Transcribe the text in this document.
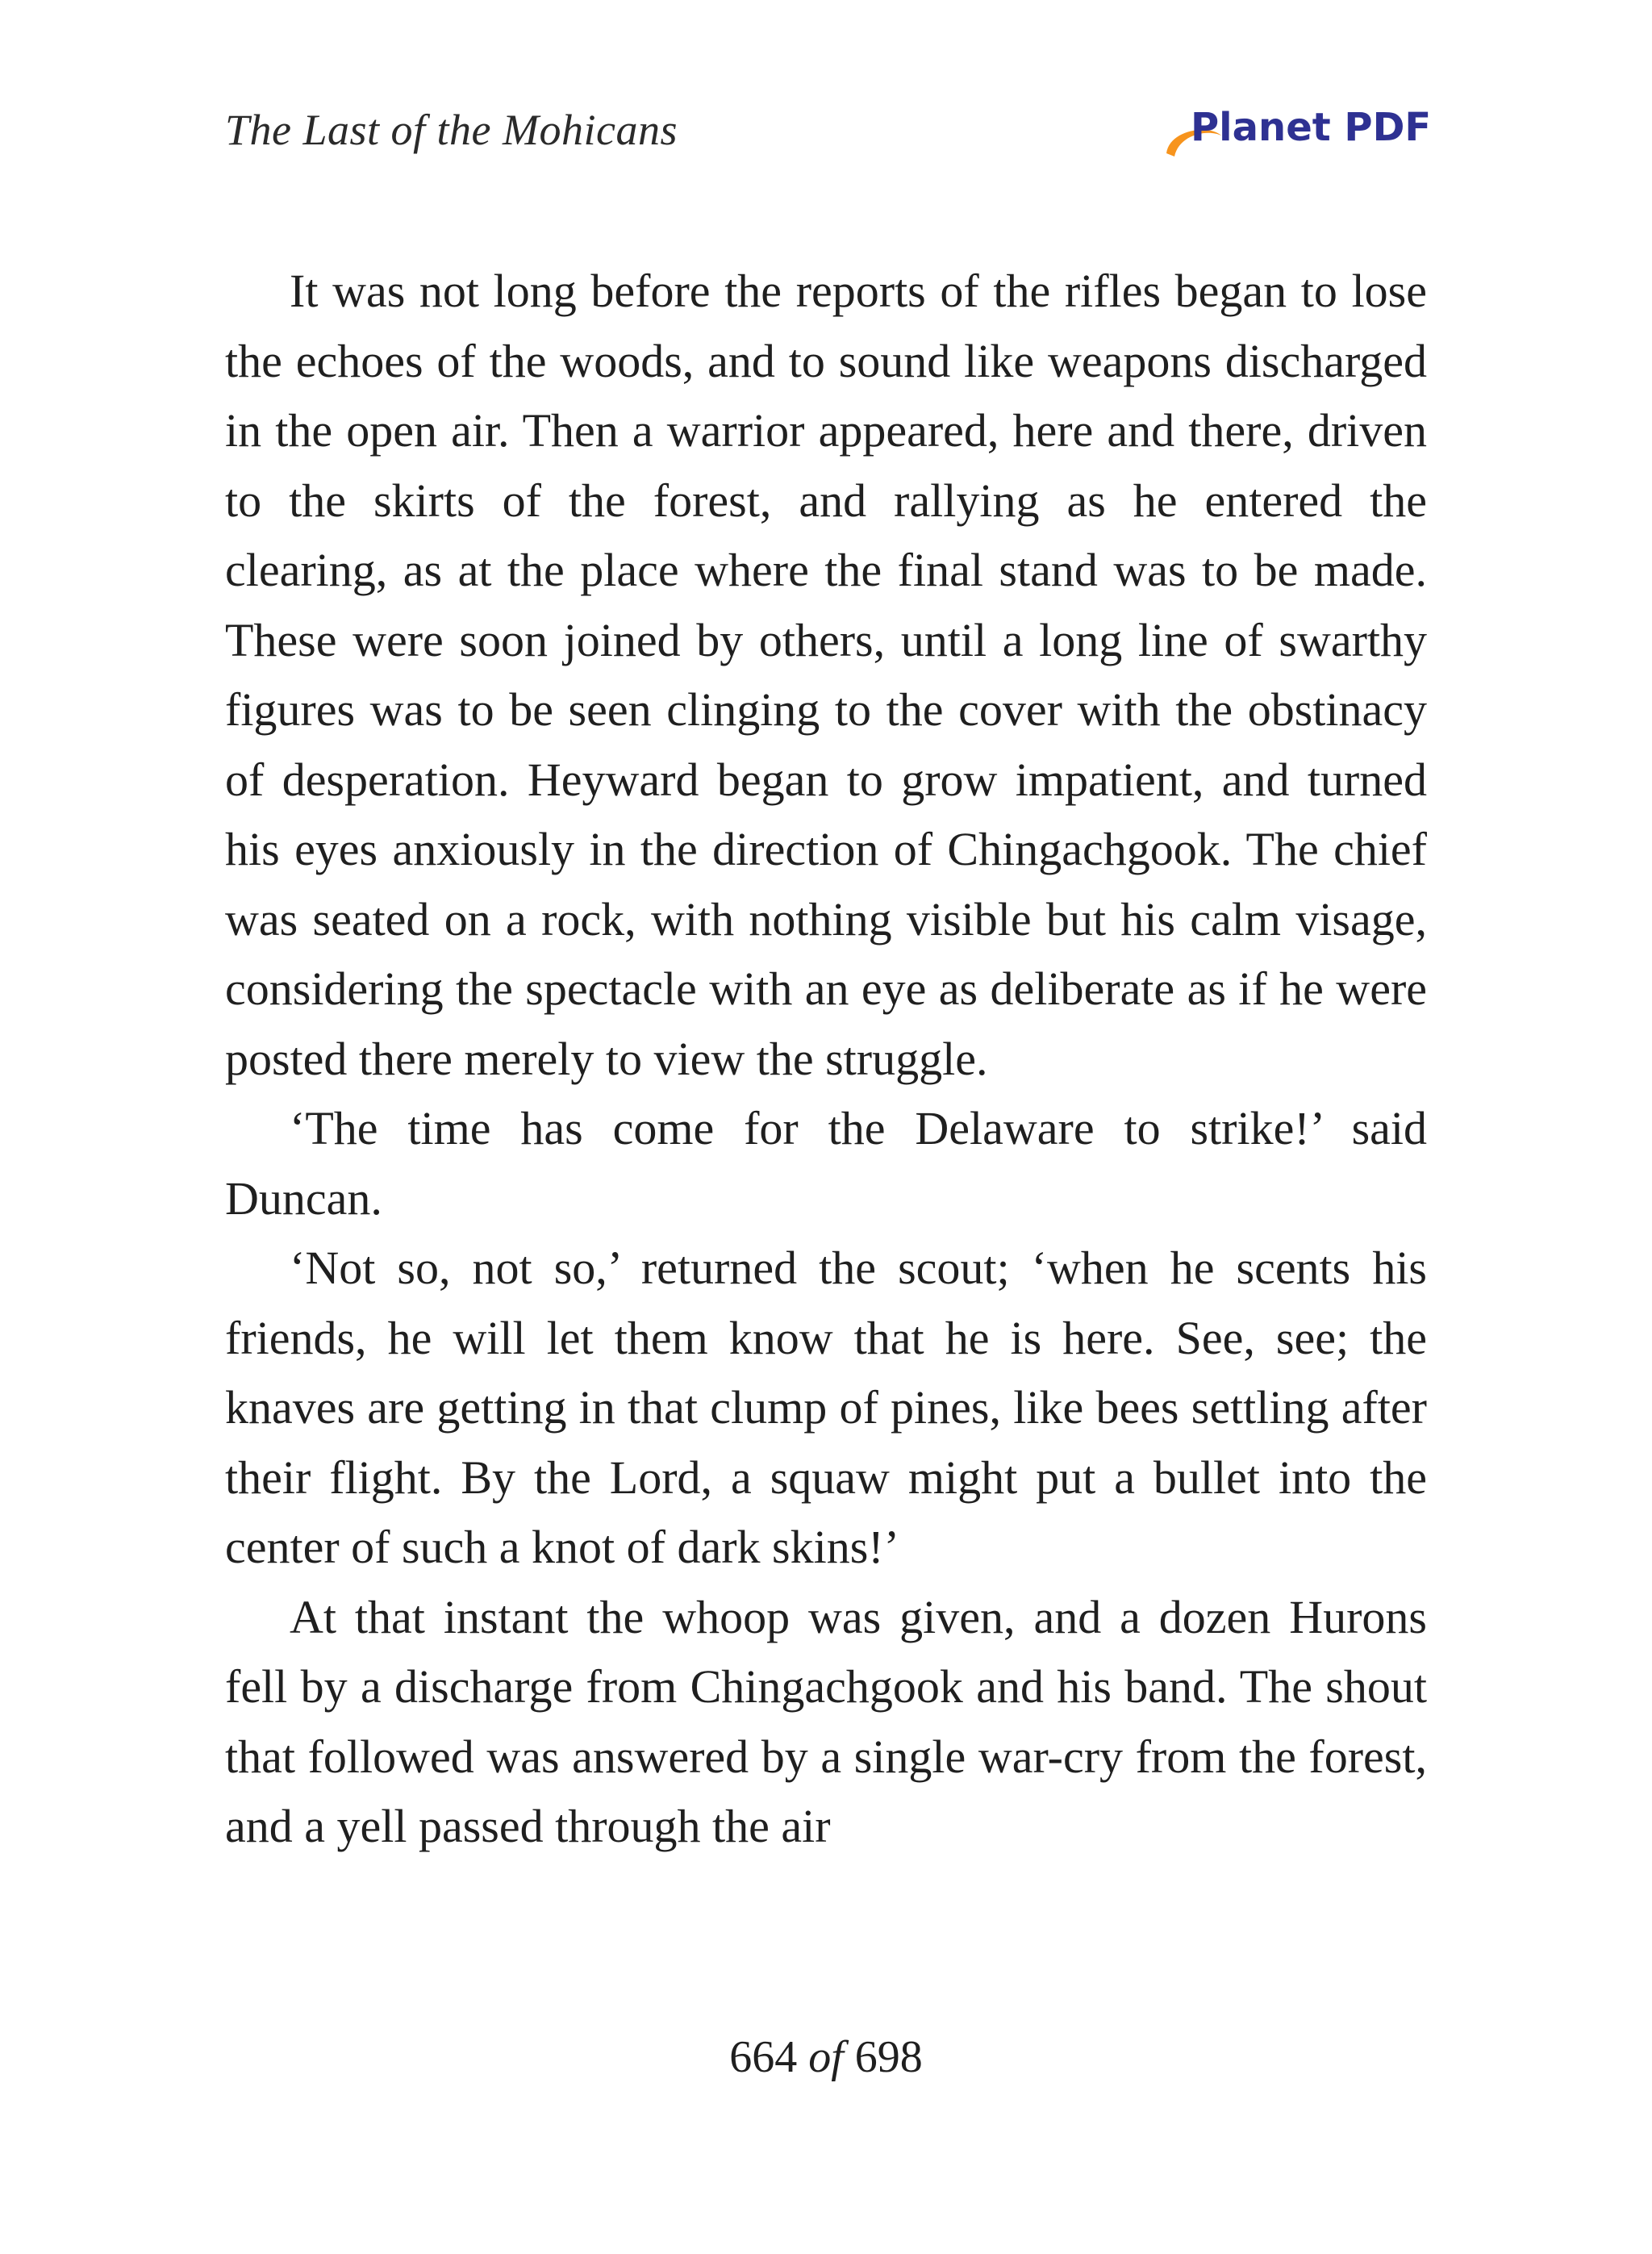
The Last of the Mohicans	Planet PDF

It was not long before the reports of the rifles began to lose the echoes of the woods, and to sound like weapons discharged in the open air. Then a warrior appeared, here and there, driven to the skirts of the forest, and rallying as he entered the clearing, as at the place where the final stand was to be made. These were soon joined by others, until a long line of swarthy figures was to be seen clinging to the cover with the obstinacy of desperation. Heyward began to grow impatient, and turned his eyes anxiously in the direction of Chingachgook. The chief was seated on a rock, with nothing visible but his calm visage, considering the spectacle with an eye as deliberate as if he were posted there merely to view the struggle.

‘The time has come for the Delaware to strike!’ said Duncan.

‘Not so, not so,’ returned the scout; ‘when he scents his friends, he will let them know that he is here. See, see; the knaves are getting in that clump of pines, like bees settling after their flight. By the Lord, a squaw might put a bullet into the center of such a knot of dark skins!’

At that instant the whoop was given, and a dozen Hurons fell by a discharge from Chingachgook and his band. The shout that followed was answered by a single war-cry from the forest, and a yell passed through the air

664 of 698
